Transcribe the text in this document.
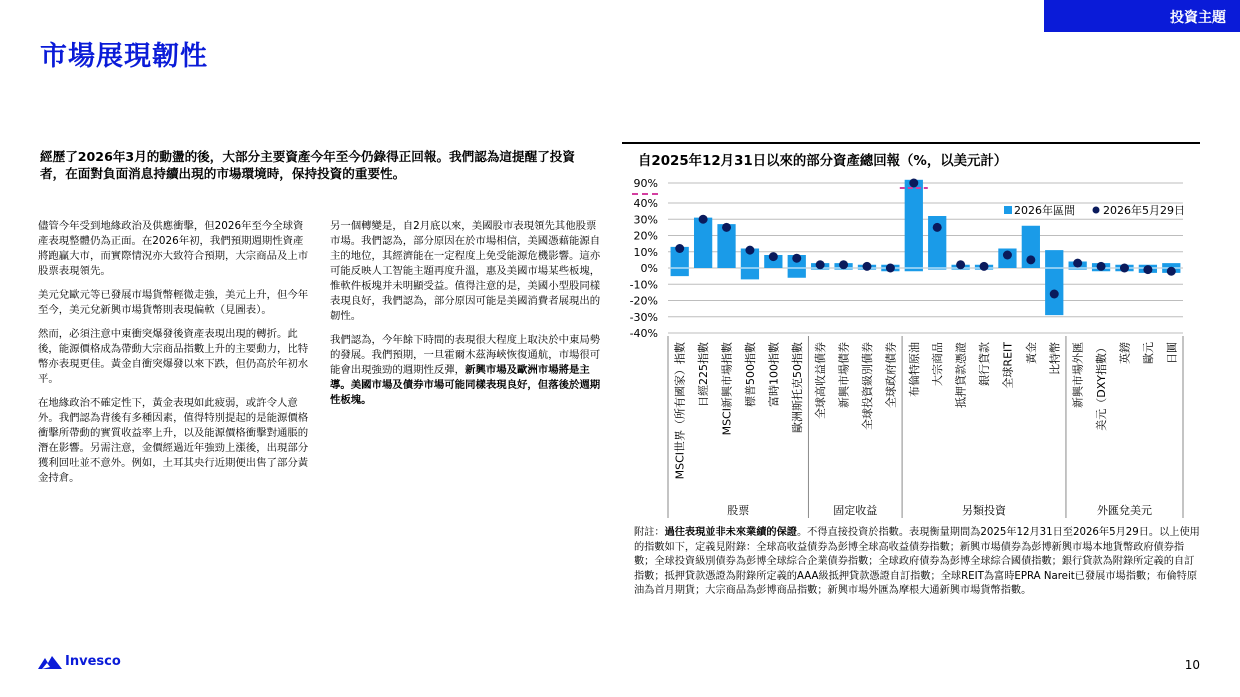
投資主題
市場展現韌性
經歷了2026年3月的動盪的後，大部分主要資產今年至今仍錄得正回報。我們認為這提醒了投資者，在面對負面消息持續出現的市場環境時，保持投資的重要性。

儘管今年受到地緣政治及供應衝擊，但2026年至今全球資產表現整體仍為正面。在2026年初，我們預期週期性資產將跑贏大市，而實際情況亦大致符合預期，大宗商品及上市股票表現領先。

美元兌歐元等已發展市場貨幣輕微走強，美元上升，但今年至今，美元兌新興市場貨幣則表現偏軟（見圖表）。

然而，必須注意中東衝突爆發後資產表現出現的轉折。此後，能源價格成為帶動大宗商品指數上升的主要動力，比特幣亦表現更佳。黃金自衝突爆發以來下跌，但仍高於年初水平。

在地緣政治不確定性下，黃金表現如此疲弱，或許令人意外。我們認為背後有多種因素，值得特別提起的是能源價格衝擊所帶動的實質收益率上升，以及能源價格衝擊對通脹的潛在影響。另需注意，金價經過近年強勁上漲後，出現部分獲利回吐並不意外。例如，土耳其央行近期便出售了部分黃金持倉。

另一個轉變是，自2月底以來，美國股市表現領先其他股票市場。我們認為，部分原因在於市場相信，美國憑藉能源自主的地位，其經濟能在一定程度上免受能源危機影響。這亦可能反映人工智能主題再度升溫，惠及美國市場某些板塊，惟軟件板塊并未明顯受益。值得注意的是，美國小型股同樣表現良好，我們認為，部分原因可能是美國消費者展現出的韌性。

我們認為，今年餘下時間的表現很大程度上取決於中東局勢的發展。我們預期，一旦霍爾木茲海峽恢復通航，市場很可能會出現強勁的週期性反彈，新興市場及歐洲市場將是主導。美國市場及債券市場可能同樣表現良好，但落後於週期性板塊。

自2025年12月31日以來的部分資產總回報（%，以美元計）
-40%
-30%
-20%
-10%
0%
10%
20%
30%
40%
90%
2026年區間	2026年5月29日
MSCI世界（所有國家）指數 日經225指數 MSCI新興市場指數 標普500指數 富時100指數 歐洲斯托克50指數 全球高收益債券 新興市場債券 全球投資級別債券 全球政府債券 布倫特原油 大宗商品 抵押貸款憑證 銀行貸款 全球REIT 黃金 比特幣 新興市場外匯 美元（DXY指數） 英鎊 歐元 日圓
股票	固定收益	另類投資	外匯兌美元
附註：過往表現並非未來業績的保證。不得直接投資於指數。表現衡量期間為2025年12月31日至2026年5月29日。以上使用的指數如下，定義見附錄：全球高收益債券為彭博全球高收益債券指數；新興市場債券為彭博新興市場本地貨幣政府債券指數；全球投資級別債券為彭博全球綜合企業債券指數；全球政府債券為彭博全球綜合國債指數；銀行貸款為附錄所定義的自訂指數；抵押貸款憑證為附錄所定義的AAA級抵押貸款憑證自訂指數；全球REIT為富時EPRA Nareit已發展市場指數；布倫特原油為首月期貨；大宗商品為彭博商品指數；新興市場外匯為摩根大通新興市場貨幣指數。
Invesco	10
